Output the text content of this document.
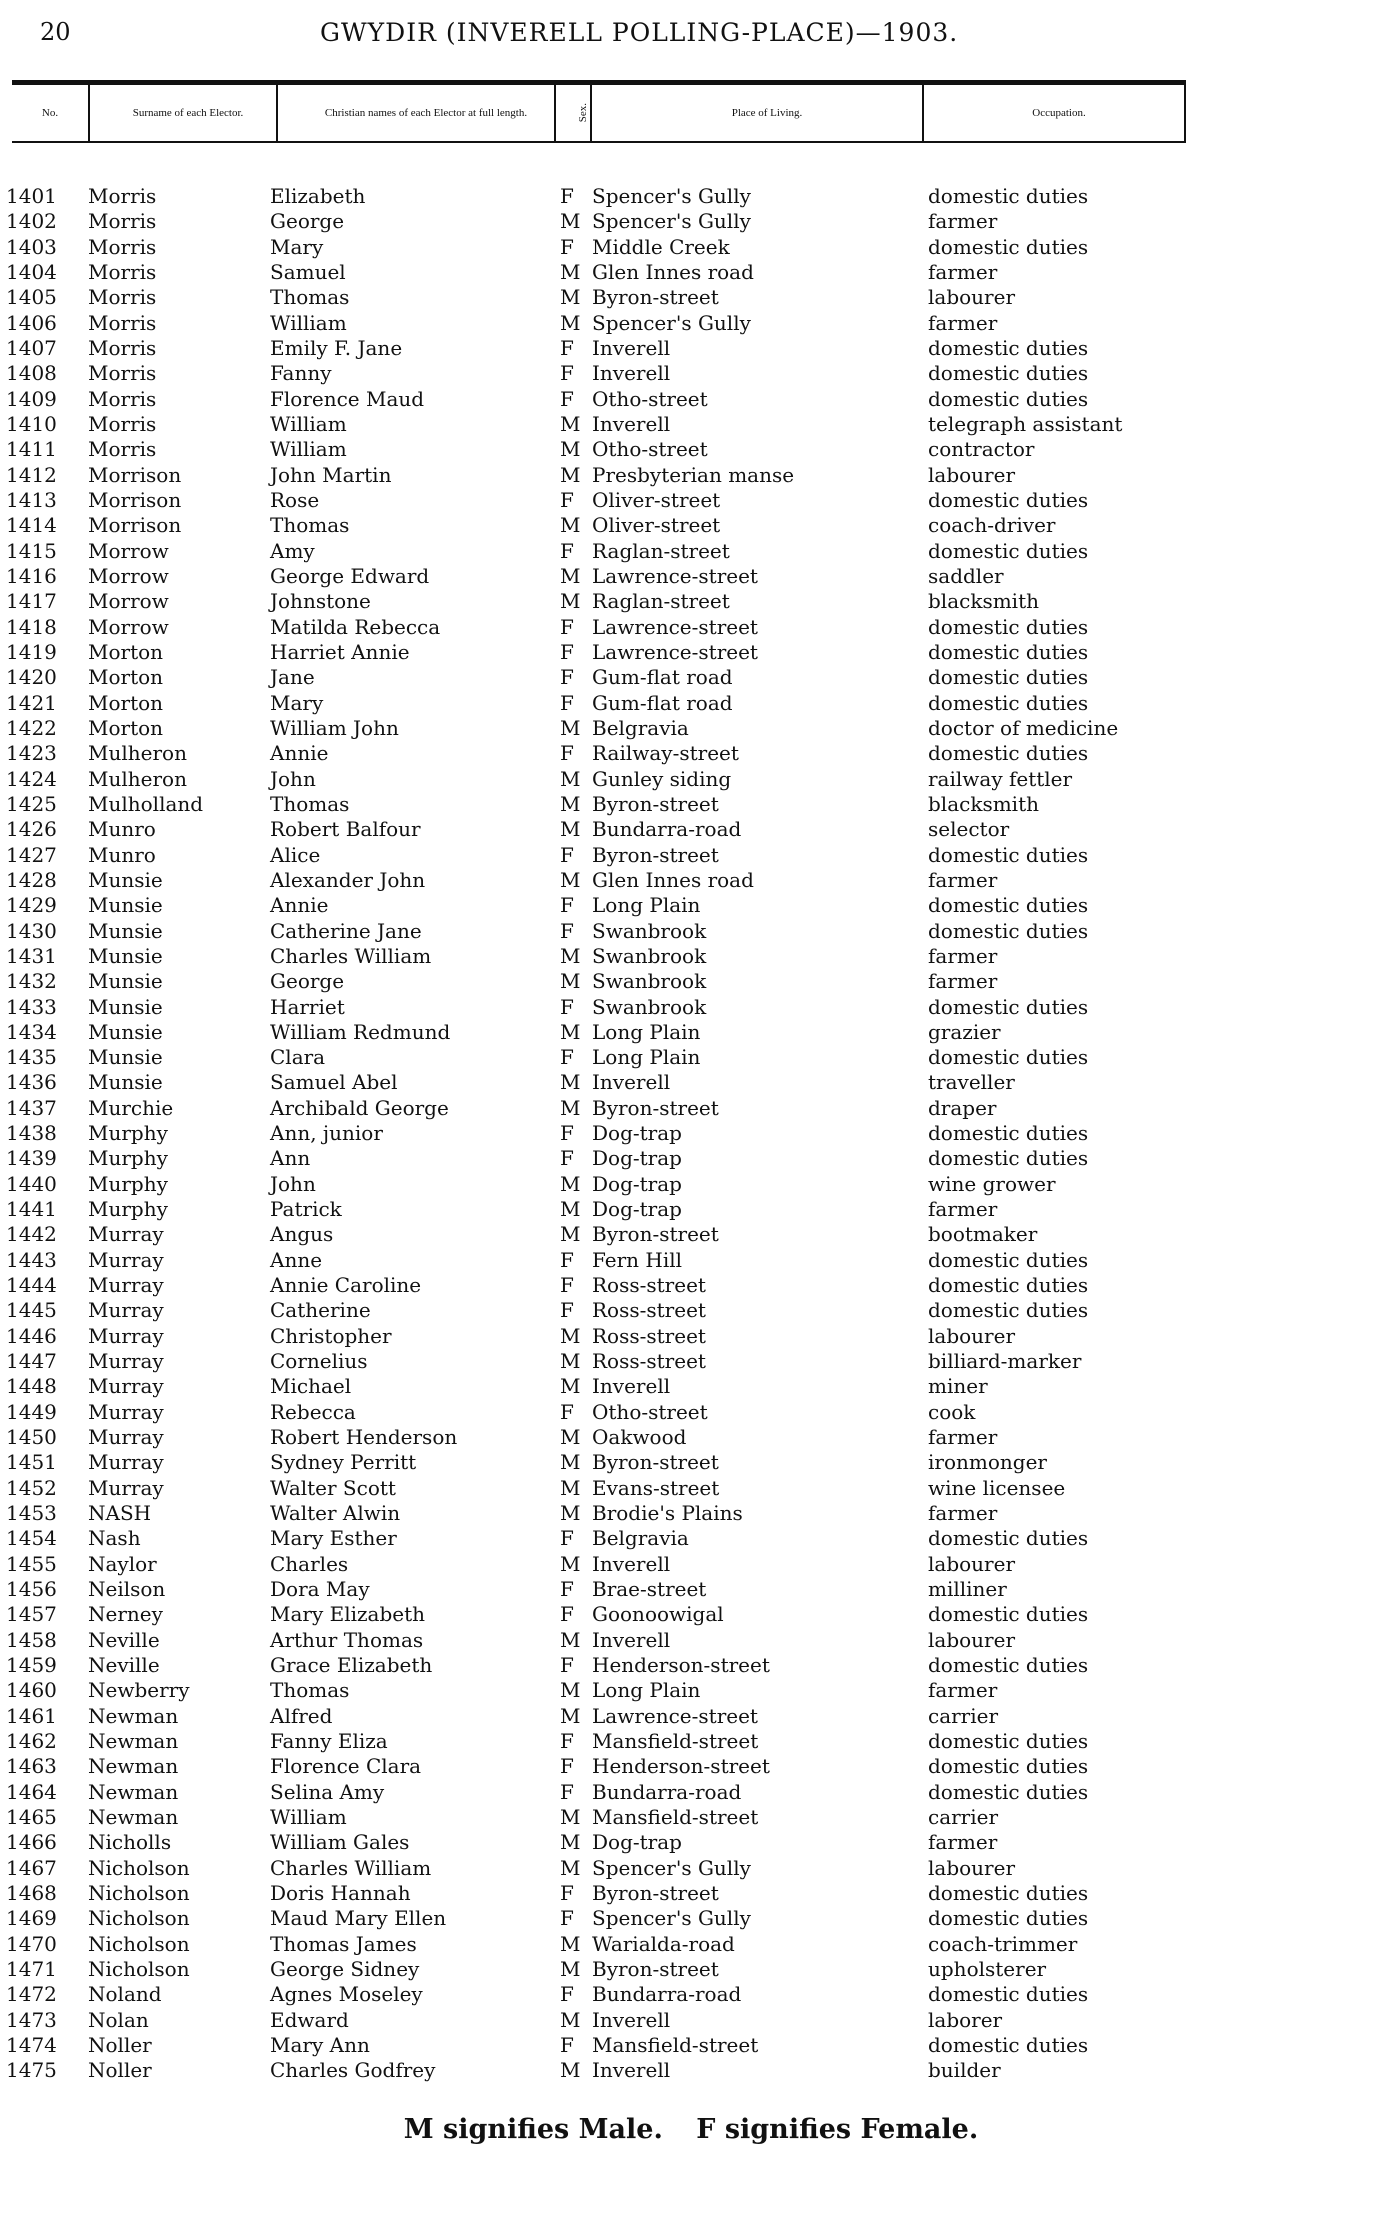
20	GWYDIR (INVERELL POLLING-PLACE)—1903.
No.	Surname of each Elector.	Christian names of each Elector at full length.	Sex.	Place of Living.	Occupation.
1401 Morris	Elizabeth	F Spencer's Gully	domestic duties
1402 Morris	George	M Spencer's Gully	farmer
1403 Morris	Mary	F Middle Creek	domestic duties
1404 Morris	Samuel	M Glen Innes road	farmer
1405 Morris	Thomas	M Byron-street	labourer
1406 Morris	William	M Spencer's Gully	farmer
1407 Morris	Emily F. Jane	F Inverell	domestic duties
1408 Morris	Fanny	F Inverell	domestic duties
1409 Morris	Florence Maud	F Otho-street	domestic duties
1410 Morris	William	M Inverell	telegraph assistant
1411 Morris	William	M Otho-street	contractor
1412 Morrison	John Martin	M Presbyterian manse	labourer
1413 Morrison	Rose	F Oliver-street	domestic duties
1414 Morrison	Thomas	M Oliver-street	coach-driver
1415 Morrow	Amy	F Raglan-street	domestic duties
1416 Morrow	George Edward	M Lawrence-street	saddler
1417 Morrow	Johnstone	M Raglan-street	blacksmith
1418 Morrow	Matilda Rebecca	F Lawrence-street	domestic duties
1419 Morton	Harriet Annie	F Lawrence-street	domestic duties
1420 Morton	Jane	F Gum-flat road	domestic duties
1421 Morton	Mary	F Gum-flat road	domestic duties
1422 Morton	William John	M Belgravia	doctor of medicine
1423 Mulheron	Annie	F Railway-street	domestic duties
1424 Mulheron	John	M Gunley siding	railway fettler
1425 Mulholland	Thomas	M Byron-street	blacksmith
1426 Munro	Robert Balfour	M Bundarra-road	selector
1427 Munro	Alice	F Byron-street	domestic duties
1428 Munsie	Alexander John	M Glen Innes road	farmer
1429 Munsie	Annie	F Long Plain	domestic duties
1430 Munsie	Catherine Jane	F Swanbrook	domestic duties
1431 Munsie	Charles William	M Swanbrook	farmer
1432 Munsie	George	M Swanbrook	farmer
1433 Munsie	Harriet	F Swanbrook	domestic duties
1434 Munsie	William Redmund	M Long Plain	grazier
1435 Munsie	Clara	F Long Plain	domestic duties
1436 Munsie	Samuel Abel	M Inverell	traveller
1437 Murchie	Archibald George	M Byron-street	draper
1438 Murphy	Ann, junior	F Dog-trap	domestic duties
1439 Murphy	Ann	F Dog-trap	domestic duties
1440 Murphy	John	M Dog-trap	wine grower
1441 Murphy	Patrick	M Dog-trap	farmer
1442 Murray	Angus	M Byron-street	bootmaker
1443 Murray	Anne	F Fern Hill	domestic duties
1444 Murray	Annie Caroline	F Ross-street	domestic duties
1445 Murray	Catherine	F Ross-street	domestic duties
1446 Murray	Christopher	M Ross-street	labourer
1447 Murray	Cornelius	M Ross-street	billiard-marker
1448 Murray	Michael	M Inverell	miner
1449 Murray	Rebecca	F Otho-street	cook
1450 Murray	Robert Henderson	M Oakwood	farmer
1451 Murray	Sydney Perritt	M Byron-street	ironmonger
1452 Murray	Walter Scott	M Evans-street	wine licensee
1453 NASH	Walter Alwin	M Brodie's Plains	farmer
1454 Nash	Mary Esther	F Belgravia	domestic duties
1455 Naylor	Charles	M Inverell	labourer
1456 Neilson	Dora May	F Brae-street	milliner
1457 Nerney	Mary Elizabeth	F Goonoowigal	domestic duties
1458 Neville	Arthur Thomas	M Inverell	labourer
1459 Neville	Grace Elizabeth	F Henderson-street	domestic duties
1460 Newberry	Thomas	M Long Plain	farmer
1461 Newman	Alfred	M Lawrence-street	carrier
1462 Newman	Fanny Eliza	F Mansfield-street	domestic duties
1463 Newman	Florence Clara	F Henderson-street	domestic duties
1464 Newman	Selina Amy	F Bundarra-road	domestic duties
1465 Newman	William	M Mansfield-street	carrier
1466 Nicholls	William Gales	M Dog-trap	farmer
1467 Nicholson	Charles William	M Spencer's Gully	labourer
1468 Nicholson	Doris Hannah	F Byron-street	domestic duties
1469 Nicholson	Maud Mary Ellen	F Spencer's Gully	domestic duties
1470 Nicholson	Thomas James	M Warialda-road	coach-trimmer
1471 Nicholson	George Sidney	M Byron-street	upholsterer
1472 Noland	Agnes Moseley	F Bundarra-road	domestic duties
1473 Nolan	Edward	M Inverell	laborer
1474 Noller	Mary Ann	F Mansfield-street	domestic duties
1475 Noller	Charles Godfrey	M Inverell	builder
M signifies Male. F signifies Female.
